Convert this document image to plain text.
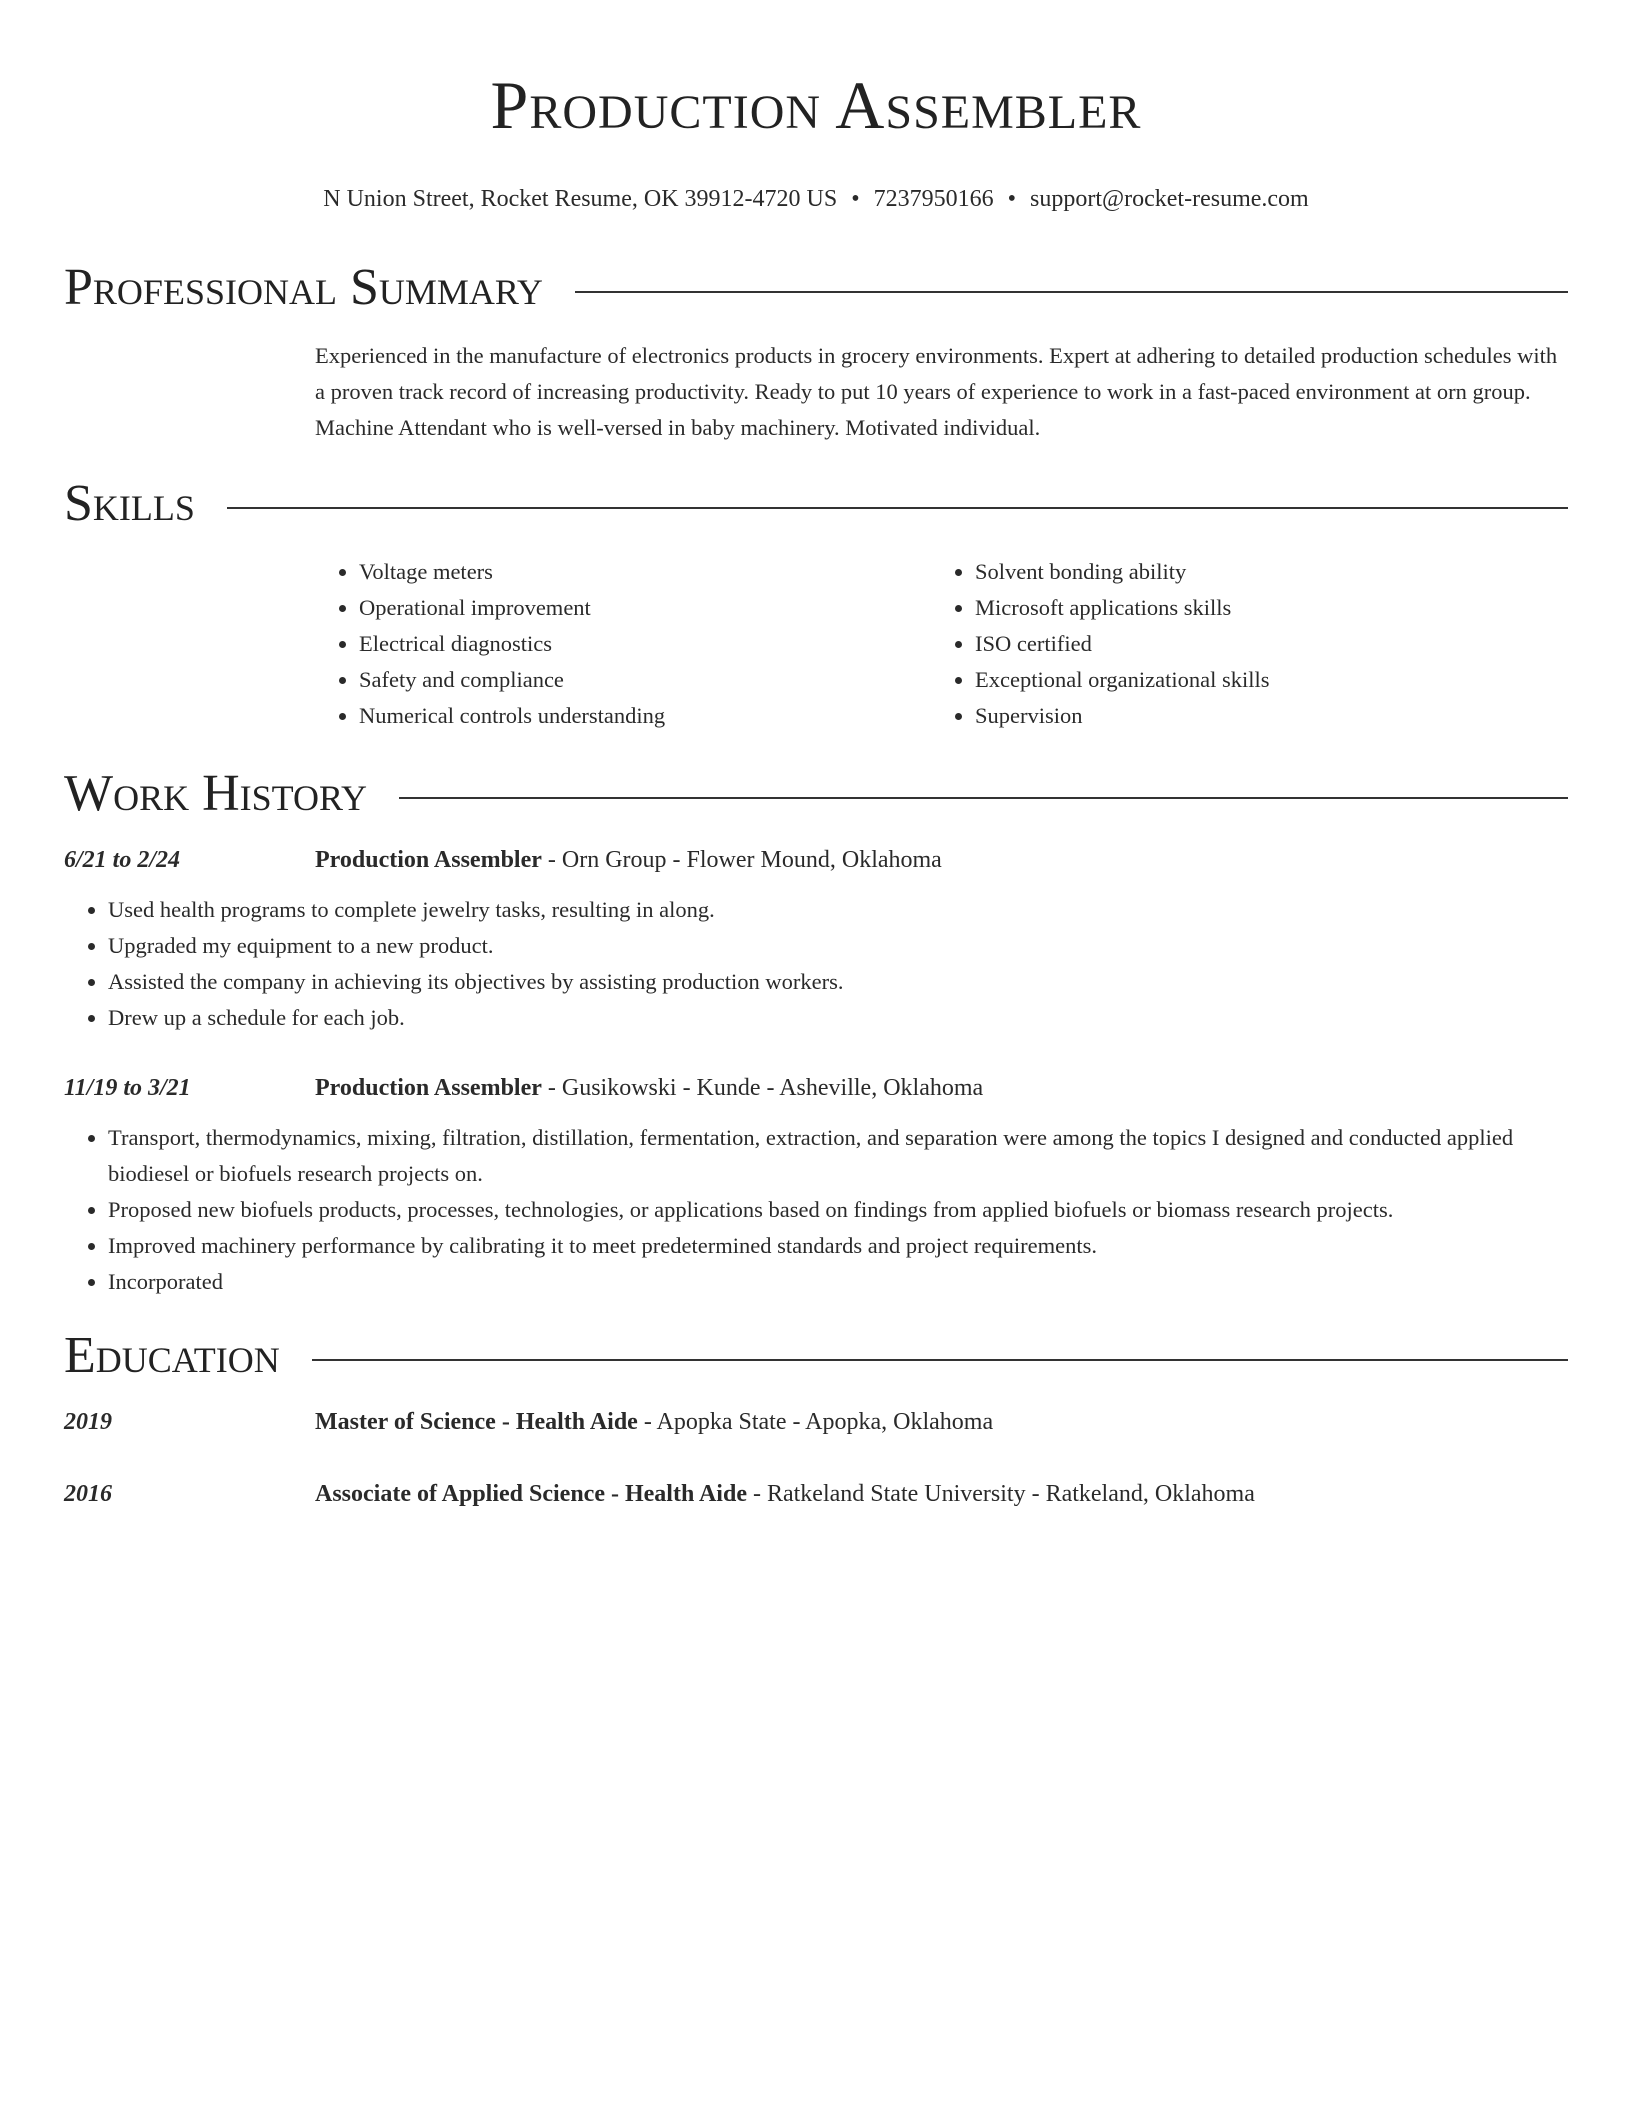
Production Assembler
N Union Street, Rocket Resume, OK 39912-4720 US • 7237950166 • support@rocket-resume.com
Professional Summary
Experienced in the manufacture of electronics products in grocery environments. Expert at adhering to detailed production schedules with a proven track record of increasing productivity. Ready to put 10 years of experience to work in a fast-paced environment at orn group. Machine Attendant who is well-versed in baby machinery. Motivated individual.
Skills
• Voltage meters
• Operational improvement
• Electrical diagnostics
• Safety and compliance
• Numerical controls understanding
• Solvent bonding ability
• Microsoft applications skills
• ISO certified
• Exceptional organizational skills
• Supervision
Work History
6/21 to 2/24	Production Assembler - Orn Group - Flower Mound, Oklahoma
• Used health programs to complete jewelry tasks, resulting in along.
• Upgraded my equipment to a new product.
• Assisted the company in achieving its objectives by assisting production workers.
• Drew up a schedule for each job.
11/19 to 3/21	Production Assembler - Gusikowski - Kunde - Asheville, Oklahoma
• Transport, thermodynamics, mixing, filtration, distillation, fermentation, extraction, and separation were among the topics I designed and conducted applied biodiesel or biofuels research projects on.
• Proposed new biofuels products, processes, technologies, or applications based on findings from applied biofuels or biomass research projects.
• Improved machinery performance by calibrating it to meet predetermined standards and project requirements.
• Incorporated
Education
2019	Master of Science - Health Aide - Apopka State - Apopka, Oklahoma
2016	Associate of Applied Science - Health Aide - Ratkeland State University - Ratkeland, Oklahoma
